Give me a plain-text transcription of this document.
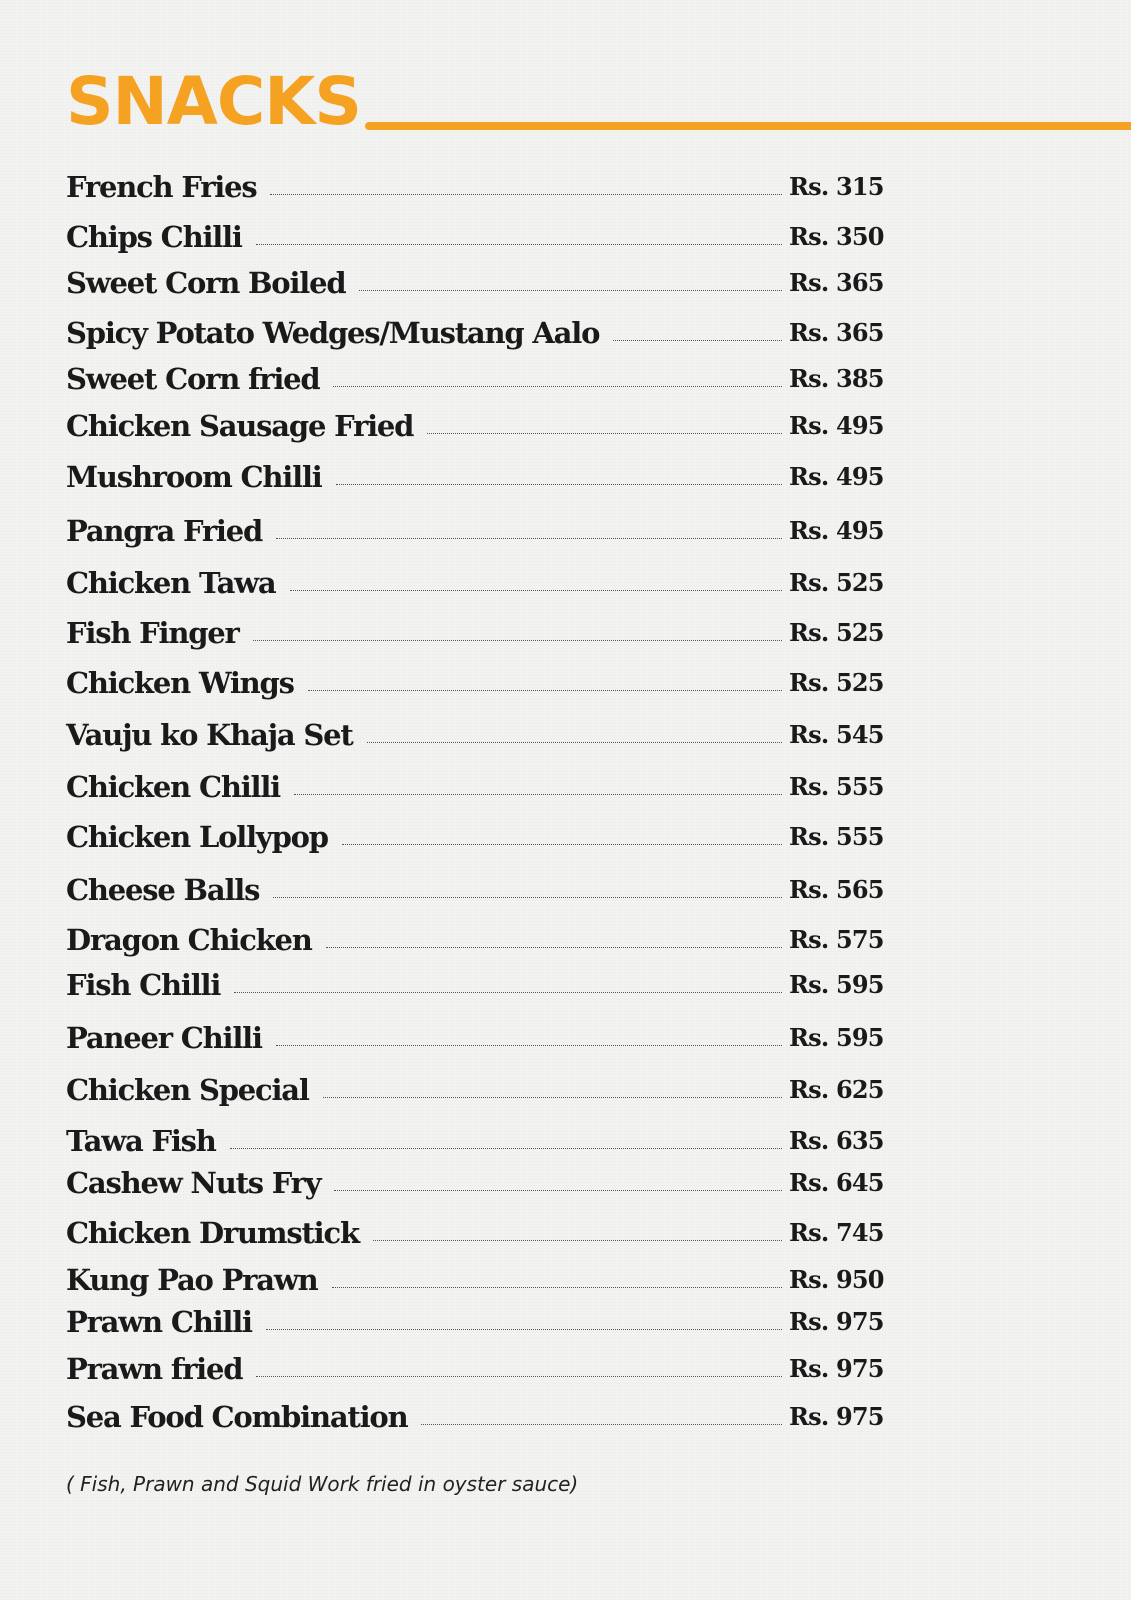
SNACKS
French Fries	Rs. 315
Chips Chilli	Rs. 350
Sweet Corn Boiled	Rs. 365
Spicy Potato Wedges/Mustang Aalo	Rs. 365
Sweet Corn fried	Rs. 385
Chicken Sausage Fried	Rs. 495
Mushroom Chilli	Rs. 495
Pangra Fried	Rs. 495
Chicken Tawa	Rs. 525
Fish Finger	Rs. 525
Chicken Wings	Rs. 525
Vauju ko Khaja Set	Rs. 545
Chicken Chilli	Rs. 555
Chicken Lollypop	Rs. 555
Cheese Balls	Rs. 565
Dragon Chicken	Rs. 575
Fish Chilli	Rs. 595
Paneer Chilli	Rs. 595
Chicken Special	Rs. 625
Tawa Fish	Rs. 635
Cashew Nuts Fry	Rs. 645
Chicken Drumstick	Rs. 745
Kung Pao Prawn	Rs. 950
Prawn Chilli	Rs. 975
Prawn fried	Rs. 975
Sea Food Combination	Rs. 975
( Fish, Prawn and Squid Work fried in oyster sauce)
